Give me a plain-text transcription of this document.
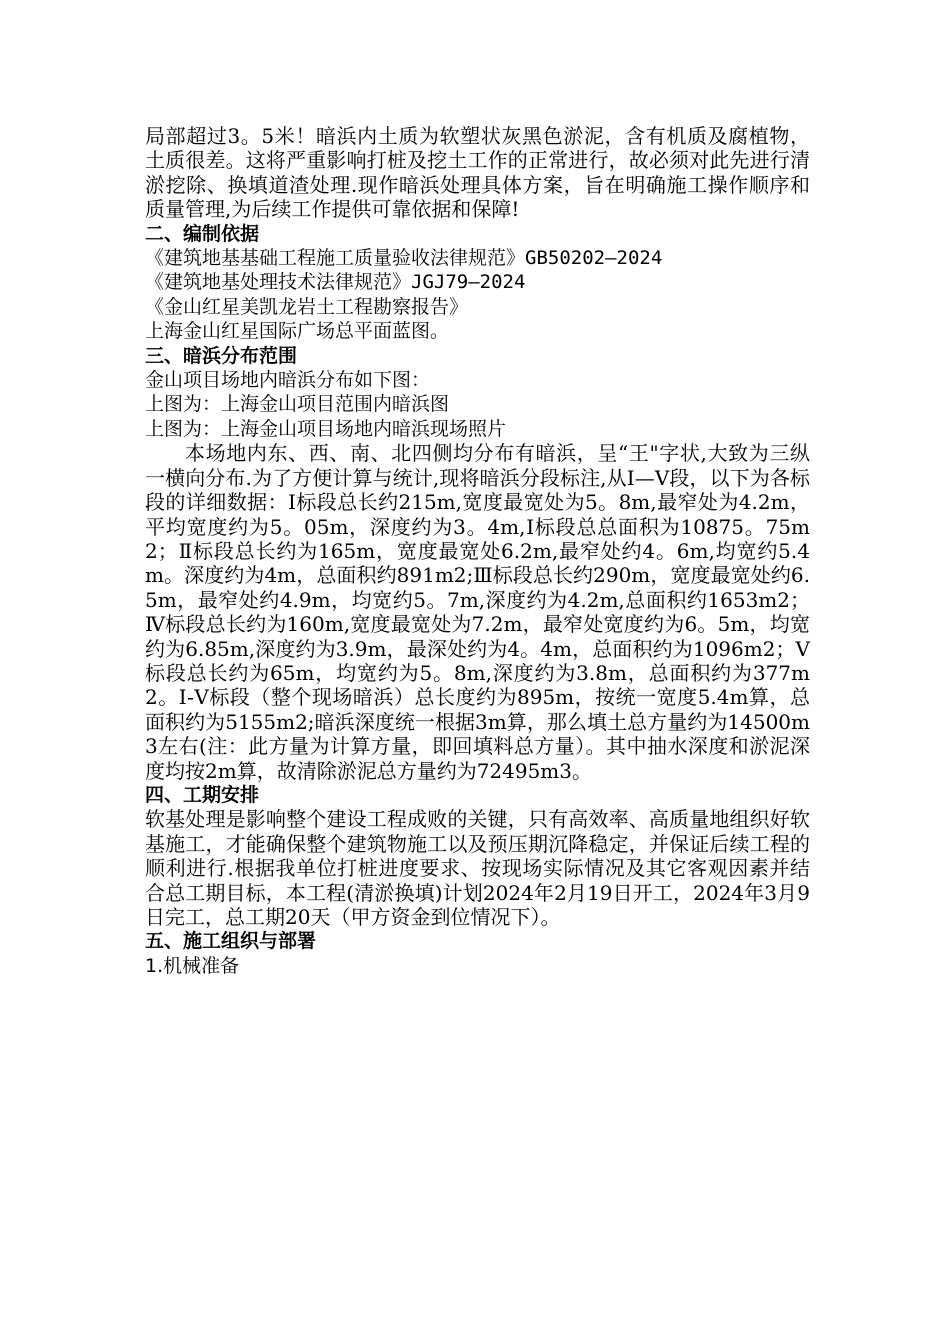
局部超过3。5米！暗浜内土质为软塑状灰黑色淤泥，含有机质及腐植物，土质很差。这将严重影响打桩及挖土工作的正常进行，故必须对此先进行清淤挖除、换填道渣处理.现作暗浜处理具体方案，旨在明确施工操作顺序和质量管理,为后续工作提供可靠依据和保障!

二、编制依据

《建筑地基基础工程施工质量验收法律规范》GB50202—2024

《建筑地基处理技术法律规范》JGJ79—2024

《金山红星美凯龙岩土工程勘察报告》

上海金山红星国际广场总平面蓝图。

三、暗浜分布范围

金山项目场地内暗浜分布如下图：

上图为：上海金山项目范围内暗浜图

上图为：上海金山项目场地内暗浜现场照片

本场地内东、西、南、北四侧均分布有暗浜，呈“王"字状,大致为三纵一横向分布.为了方便计算与统计,现将暗浜分段标注,从Ⅰ—Ⅴ段，以下为各标段的详细数据：Ⅰ标段总长约215m,宽度最宽处为5。8m,最窄处为4.2m，平均宽度约为5。05m，深度约为3。4m,Ⅰ标段总总面积为10875。75m2；Ⅱ标段总长约为165m，宽度最宽处6.2m,最窄处约4。6m,均宽约5.4m。深度约为4m，总面积约891m2;Ⅲ标段总长约290m，宽度最宽处约6.5m，最窄处约4.9m，均宽约5。7m,深度约为4.2m,总面积约1653m2；Ⅳ标段总长约为160m,宽度最宽处为7.2m，最窄处宽度约为6。5m，均宽约为6.85m,深度约为3.9m，最深处约为4。4m，总面积约为1096m2；Ⅴ标段总长约为65m，均宽约为5。8m,深度约为3.8m，总面积约为377m2。Ⅰ-Ⅴ标段（整个现场暗浜）总长度约为895m，按统一宽度5.4m算，总面积约为5155m2;暗浜深度统一根据3m算，那么填土总方量约为14500m3左右(注：此方量为计算方量，即回填料总方量）。其中抽水深度和淤泥深度均按2m算，故清除淤泥总方量约为72495m3。

四、工期安排

软基处理是影响整个建设工程成败的关键，只有高效率、高质量地组织好软基施工，才能确保整个建筑物施工以及预压期沉降稳定，并保证后续工程的顺利进行.根据我单位打桩进度要求、按现场实际情况及其它客观因素并结合总工期目标，本工程(清淤换填)计划2024年2月19日开工，2024年3月9日完工，总工期20天（甲方资金到位情况下）。

五、施工组织与部署

1.机械准备
